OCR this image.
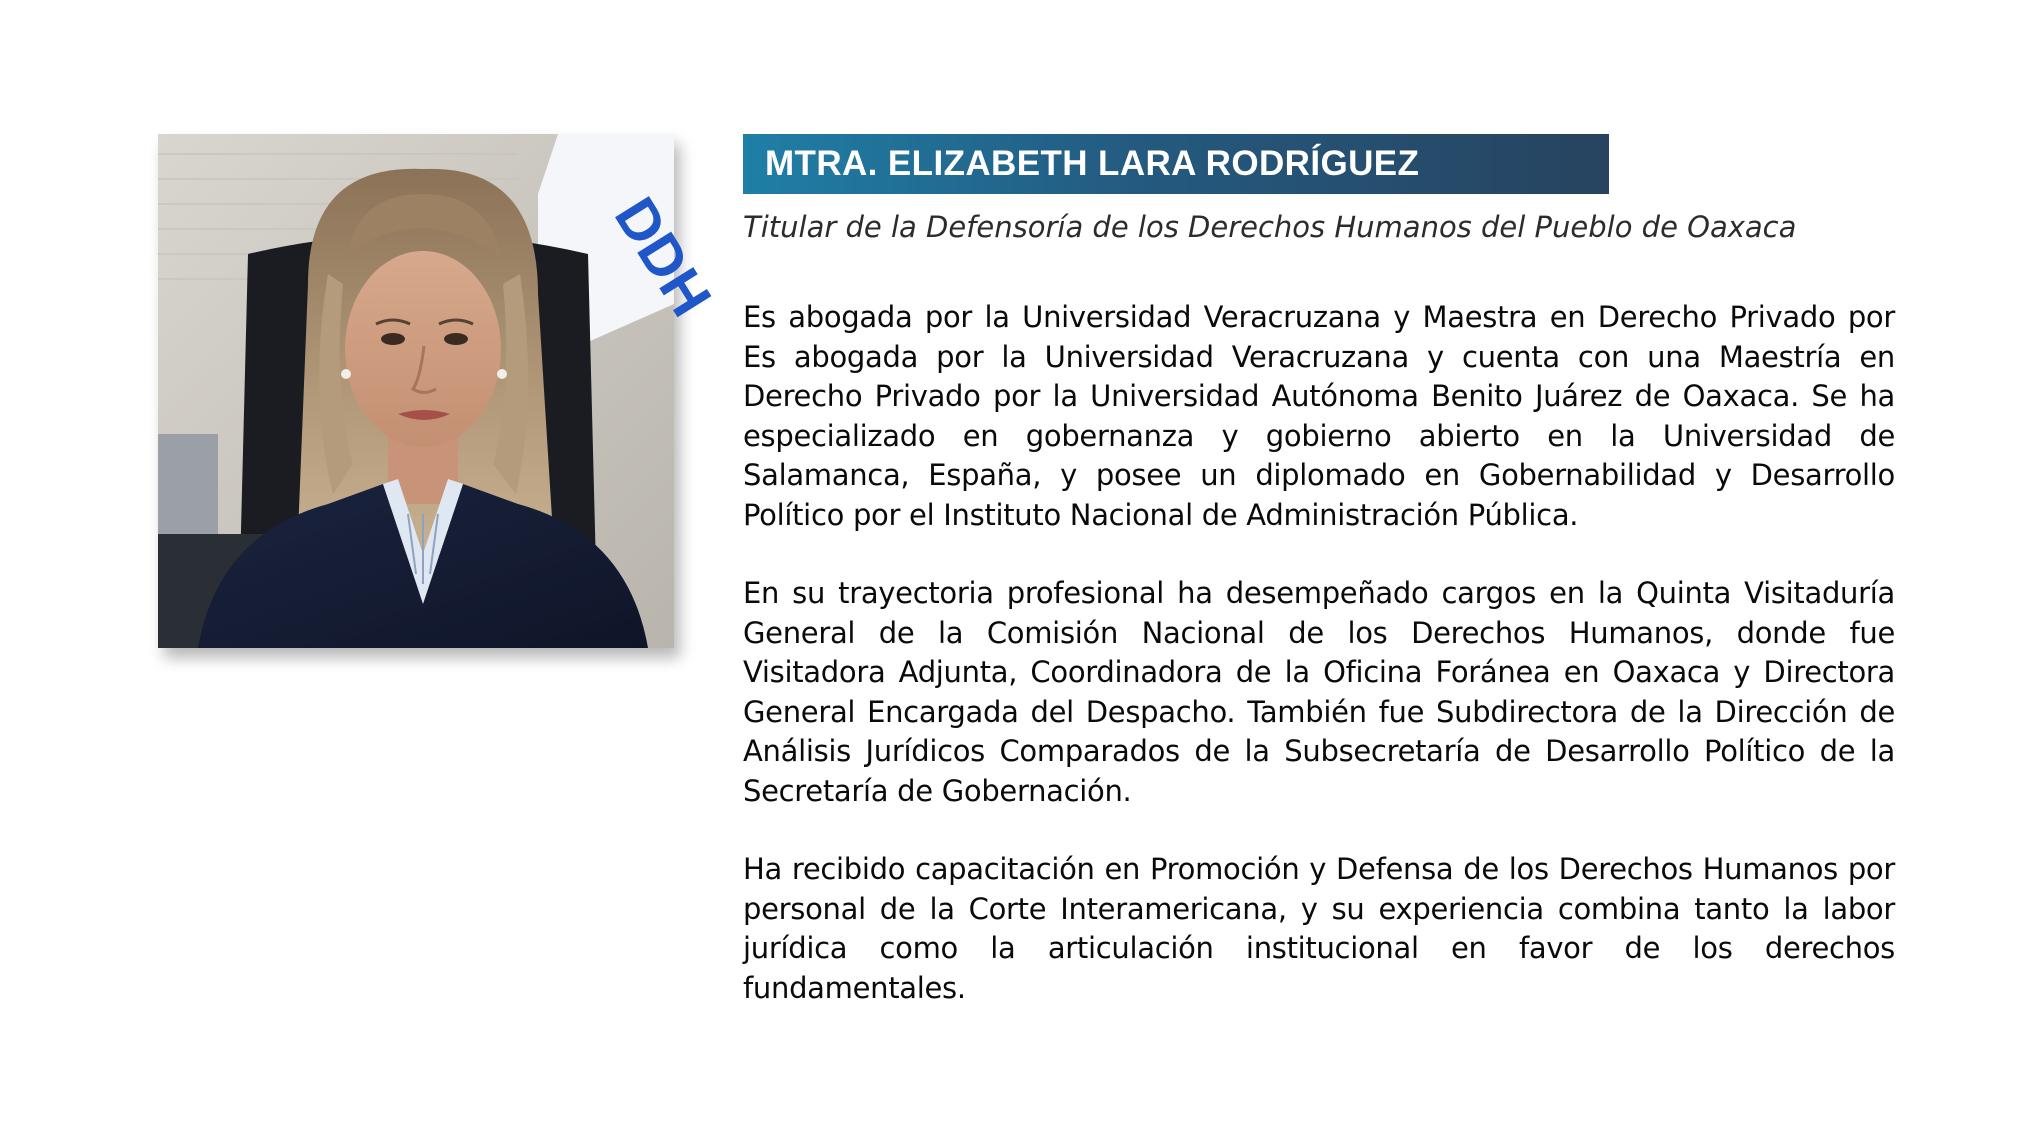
DDH
MTRA. ELIZABETH LARA RODRÍGUEZ
Titular de la Defensoría de los Derechos Humanos del Pueblo de Oaxaca

Es abogada por la Universidad Veracruzana y Maestra en Derecho Privado por Es abogada por la Universidad Veracruzana y cuenta con una Maestría en Derecho Privado por la Universidad Autónoma Benito Juárez de Oaxaca. Se ha especializado en gobernanza y gobierno abierto en la Universidad de Salamanca, España, y posee un diplomado en Gobernabilidad y Desarrollo Político por el Instituto Nacional de Administración Pública.

En su trayectoria profesional ha desempeñado cargos en la Quinta Visitaduría General de la Comisión Nacional de los Derechos Humanos, donde fue Visitadora Adjunta, Coordinadora de la Oficina Foránea en Oaxaca y Directora General Encargada del Despacho. También fue Subdirectora de la Dirección de Análisis Jurídicos Comparados de la Subsecretaría de Desarrollo Político de la Secretaría de Gobernación.

Ha recibido capacitación en Promoción y Defensa de los Derechos Humanos por personal de la Corte Interamericana, y su experiencia combina tanto la labor jurídica como la articulación institucional en favor de los derechos fundamentales.
